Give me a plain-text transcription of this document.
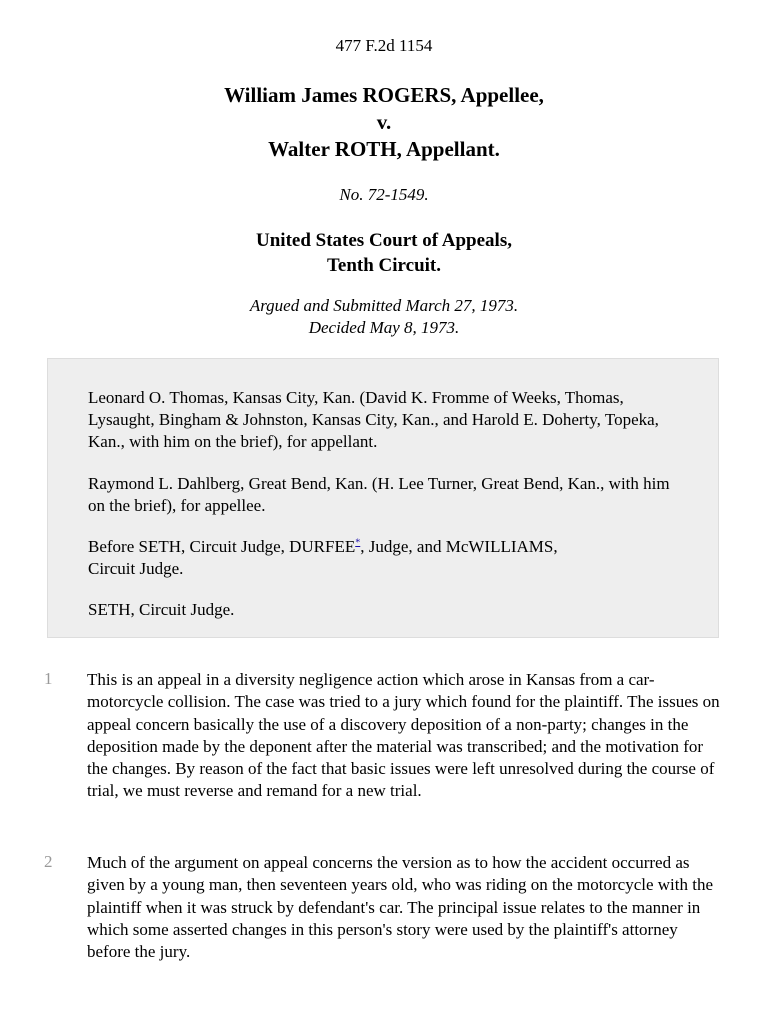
477 F.2d 1154
William James ROGERS, Appellee,
v.
Walter ROTH, Appellant.
No. 72-1549.
United States Court of Appeals,
Tenth Circuit.
Argued and Submitted March 27, 1973.
Decided May 8, 1973.

Leonard O. Thomas, Kansas City, Kan. (David K. Fromme of Weeks, Thomas, Lysaught, Bingham & Johnston, Kansas City, Kan., and Harold E. Doherty, Topeka, Kan., with him on the brief), for appellant.

Raymond L. Dahlberg, Great Bend, Kan. (H. Lee Turner, Great Bend, Kan., with him on the brief), for appellee.

Before SETH, Circuit Judge, DURFEE*, Judge, and McWILLIAMS,
Circuit Judge.

SETH, Circuit Judge.

1 This is an appeal in a diversity negligence action which arose in Kansas from a car-motorcycle collision. The case was tried to a jury which found for the plaintiff. The issues on appeal concern basically the use of a discovery deposition of a non-party; changes in the deposition made by the deponent after the material was transcribed; and the motivation for the changes. By reason of the fact that basic issues were left unresolved during the course of trial, we must reverse and remand for a new trial.

2 Much of the argument on appeal concerns the version as to how the accident occurred as given by a young man, then seventeen years old, who was riding on the motorcycle with the plaintiff when it was struck by defendant's car. The principal issue relates to the manner in which some asserted changes in this person's story were used by the plaintiff's attorney before the jury.
